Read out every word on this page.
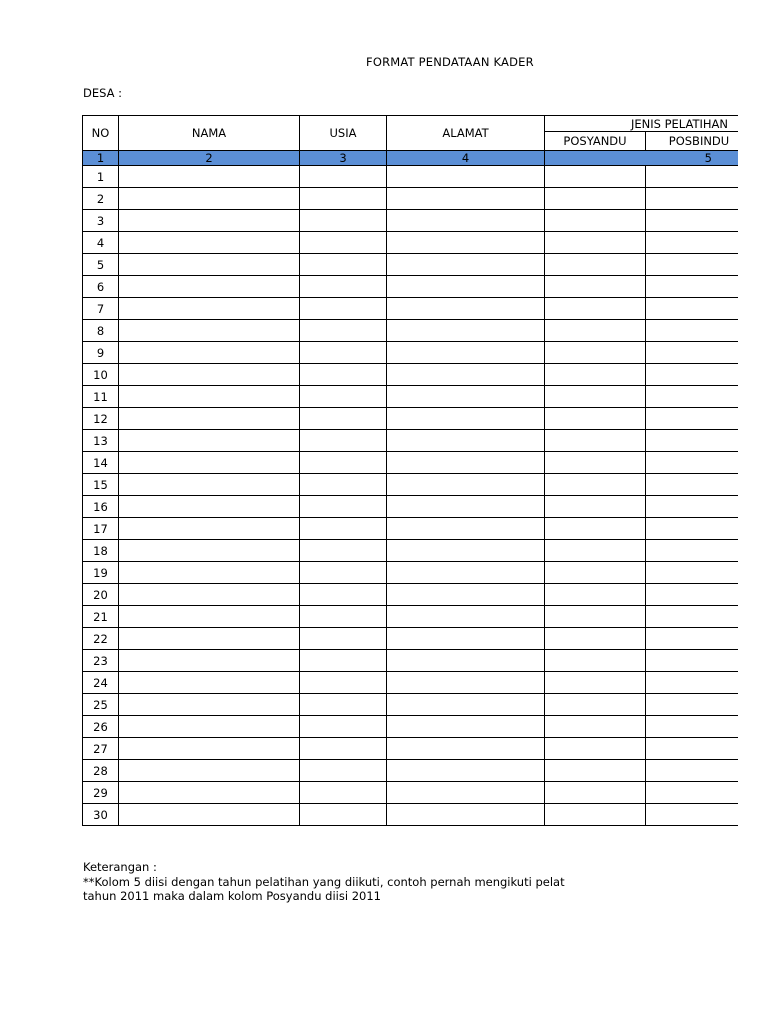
FORMAT PENDATAAN KADER
DESA :
NO	NAMA	USIA	ALAMAT	JENIS PELATIHAN	
				POSYANDU	POSBINDU
1	2	3	4	5	
1					
2					
3					
4					
5					
6					
7					
8					
9					
10					
11					
12					
13					
14					
15					
16					
17					
18					
19					
20					
21					
22					
23					
24					
25					
26					
27					
28					
29					
30					
Keterangan :
**Kolom 5 diisi dengan tahun pelatihan yang diikuti, contoh pernah mengikuti pelat
tahun 2011 maka dalam kolom Posyandu diisi 2011
